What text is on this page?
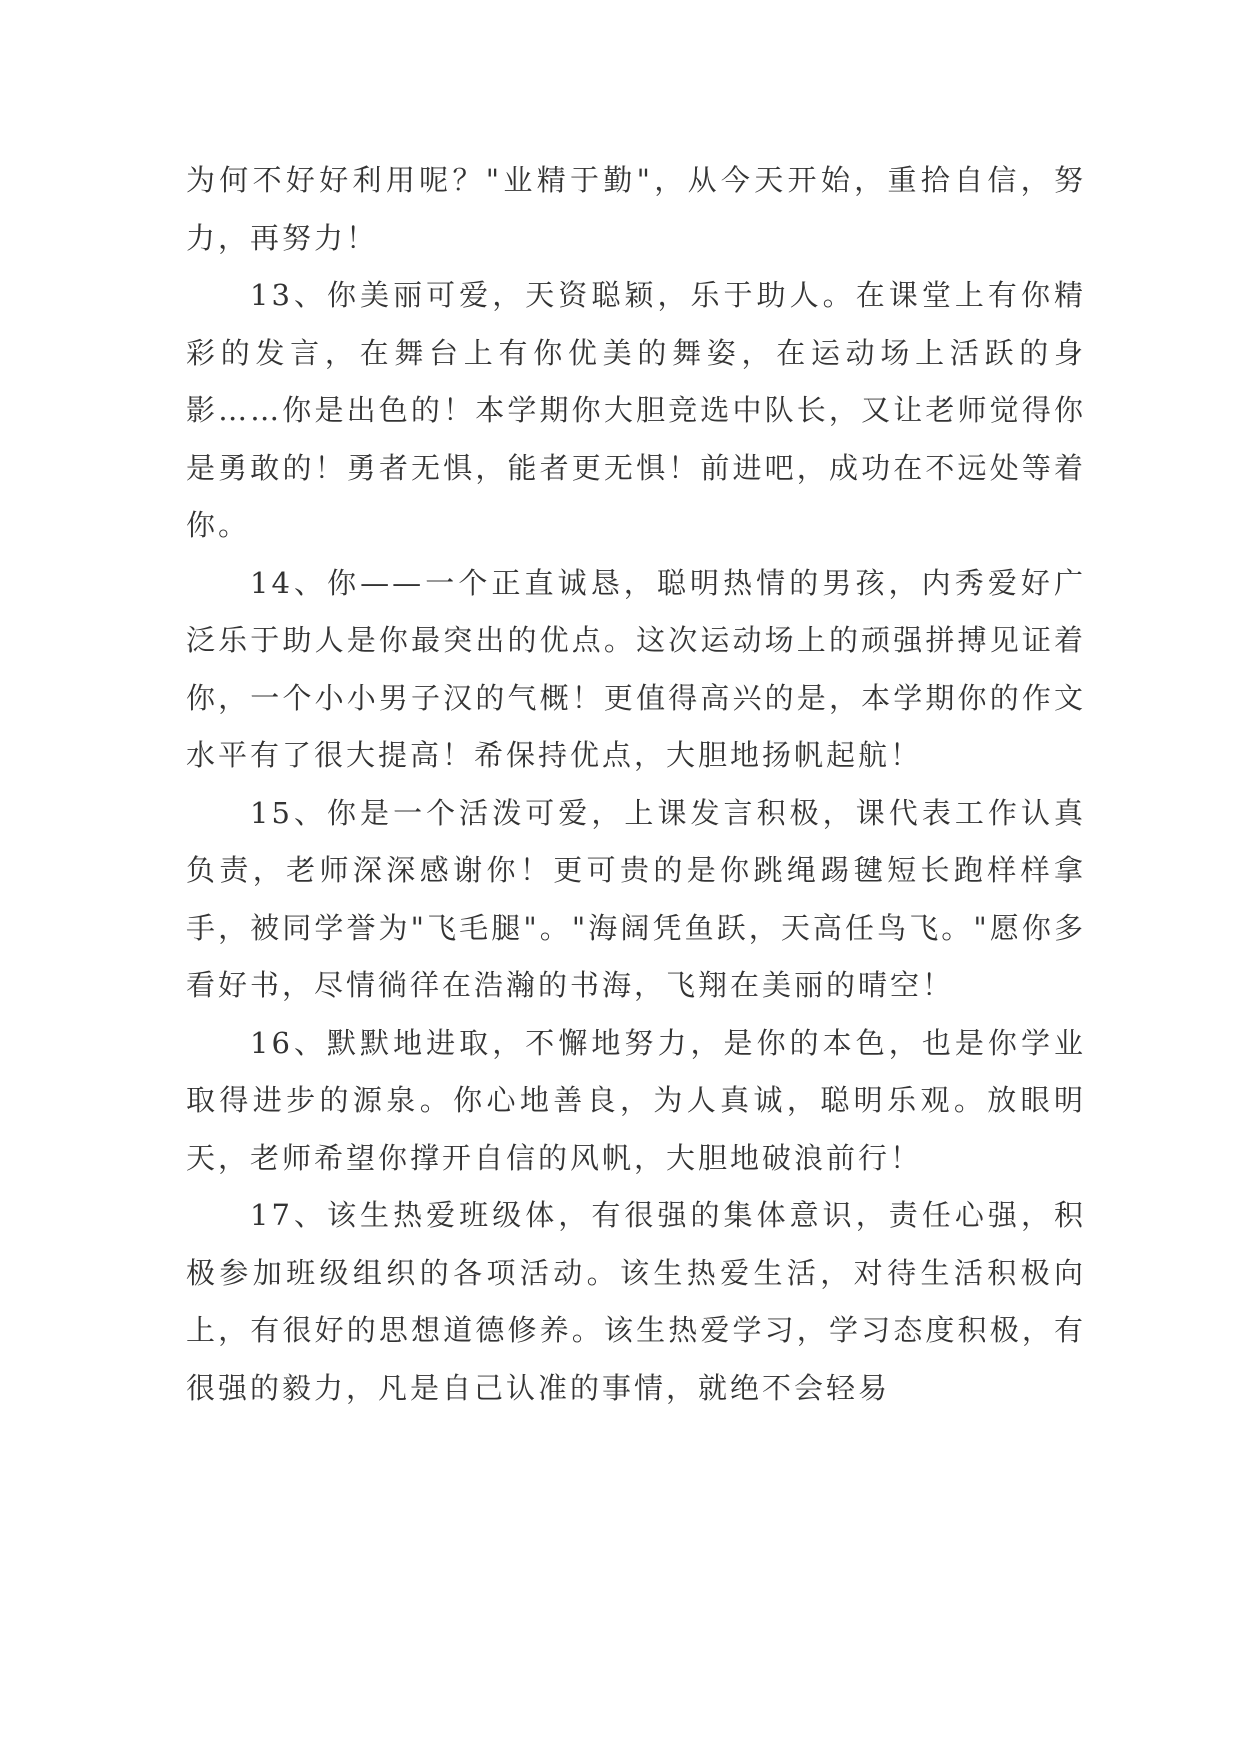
为何不好好利用呢？"业精于勤"，从今天开始，重拾自信，努力，再努力！

13、你美丽可爱，天资聪颖，乐于助人。在课堂上有你精彩的发言，在舞台上有你优美的舞姿，在运动场上活跃的身影……你是出色的！本学期你大胆竞选中队长，又让老师觉得你是勇敢的！勇者无惧，能者更无惧！前进吧，成功在不远处等着你。

14、你——一个正直诚恳，聪明热情的男孩，内秀爱好广泛乐于助人是你最突出的优点。这次运动场上的顽强拼搏见证着你，一个小小男子汉的气概！更值得高兴的是，本学期你的作文水平有了很大提高！希保持优点，大胆地扬帆起航！

15、你是一个活泼可爱，上课发言积极，课代表工作认真负责，老师深深感谢你！更可贵的是你跳绳踢毽短长跑样样拿手，被同学誉为"飞毛腿"。"海阔凭鱼跃，天高任鸟飞。"愿你多看好书，尽情徜徉在浩瀚的书海，飞翔在美丽的晴空！

16、默默地进取，不懈地努力，是你的本色，也是你学业取得进步的源泉。你心地善良，为人真诚，聪明乐观。放眼明天，老师希望你撑开自信的风帆，大胆地破浪前行！

17、该生热爱班级体，有很强的集体意识，责任心强，积极参加班级组织的各项活动。该生热爱生活，对待生活积极向上，有很好的思想道德修养。该生热爱学习，学习态度积极，有很强的毅力，凡是自己认准的事情，就绝不会轻易
